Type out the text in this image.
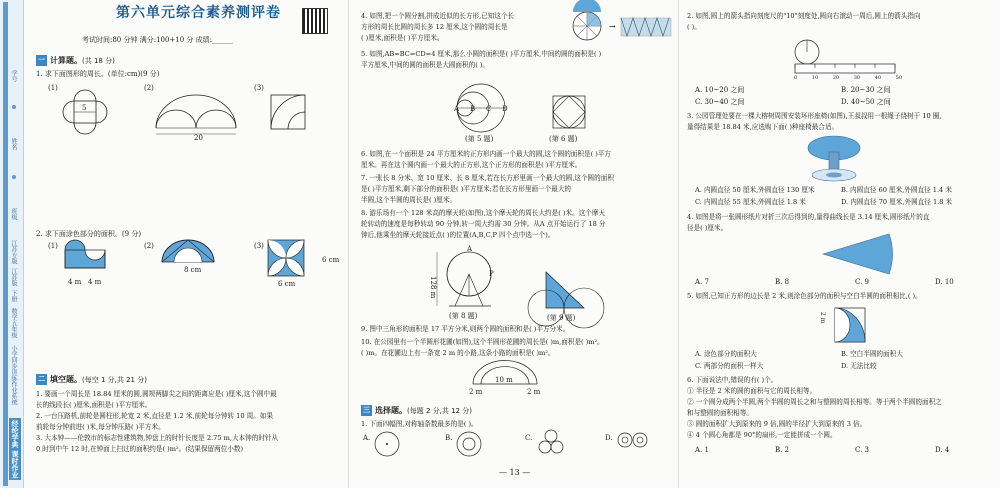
学号
姓名
班级
江苏专版
江苏版
下册
数学五年级
小学同步讲练作业系统
经纶学典 课时作业
第六单元综合素养测评卷
考试时间:80 分钟 满分:100+10 分 成绩:______
一 计算题。(共 18 分)
1. 求下面图形的周长。(单位:cm)(9 分)
(1)	(2)	(3)
5
20
2. 求下面涂色部分的面积。(9 分)
(1)	(2)	(3)
4 m 4 m
8 cm
6 cm
6 cm
二 填空题。(每空 1 分,共 21 分)
1. 要画一个周长是 18.84 厘米的圆,圆规两脚尖之间的距离应是( )厘米,这个圆中最
长的线段长( )厘米,面积是( )平方厘米。
2. 一台压路机,前轮是圆柱形,轮宽 2 米,直径是 1.2 米,前轮每分钟转 10 周。如果
前轮每分钟前进( )米,每分钟压路( )平方米。
3. 大本钟——伦敦市的标志性建筑物,钟盘上的时针长度是 2.75 m,大本钟的时针从
0 时到中午 12 时,在钟面上扫过的面积约是( )m²。(结果保留两位小数)
4. 如图,把一个圆分割,拼成近似的长方形,已知这个长
方形的周长比圆的周长多 12 厘米,这个圆的周长是
( )厘米,面积是( )平方厘米。
→
5. 如图,AB=BC=CD=4 厘米,那么小圆的面积是( )平方厘米,中间的圆的面积是( )
平方厘米,中间的圆的面积是大圆面积的( )。
A B C D
(第 5 题)	(第 6 题)
6. 如图,在一个面积是 24 平方厘米的正方形内画一个最大的圆,这个圆的面积是( )平方
厘米。再在这个圆内画一个最大的正方形,这个正方形的面积是( )平方厘米。
7. 一张长 8 分米、宽 10 厘米、长 8 厘米,若在长方形里画一个最大的圆,这个圆的面积
是( )平方厘米,剩下部分的面积是( )平方厘米;若在长方形里画一个最大的
半圆,这个半圆的周长是( )厘米。
8. 游乐场有一个 128 米高的摩天轮(如图),这个摩天轮的周长大约是( )米。这个摩天
轮转动的速度是每秒转动 90 分钟,转一周大约需 30 分钟。从A 点开始运行了 18 分
钟后,他乘坐的摩天轮接近点( )的位置(A,B,C,P 四个点中选一个)。
128 m
A
P
(第 8 题)	(第 9 题)
9. 图中三角形的面积是 17 平方分米,则两个圆的面积和是( )平方分米。
10. 在公园里有一个半圆形花圃(如图),这个半圆形花圃的周长是( )m,面积是( )m²。
( )m。在花圃边上有一条宽 2 m 的小路,这条小路的面积是( )m²。
10 m
2 m	2 m
三 选择题。(每题 2 分,共 12 分)
1. 下面四幅图,对称轴条数最多的是( )。
A.	B.	C.	D.
— 13 —
2. 如图,圆上的箭头指向刻度尺的"10"刻度处,圆向右滚动一周后,圆上的箭头指向
( )。
0	10	20	30	40	50
A. 10~20 之间	B. 20~30 之间
C. 30~40 之间	D. 40~50 之间
3. 公园管理处要在一棵大榕树周围安装环形座椅(如图),王叔叔用一根绳子绕树干 10 圈,
量得结果是 18.84 米,应选购下面( )种座椅最合适。
A. 内圆直径 50 厘米,外圆直径 130 厘米	B. 内圆直径 60 厘米,外圆直径 1.4 米
C. 内圆直径 55 厘米,外圆直径 1.8 米	D. 内圆直径 70 厘米,外圆直径 1.8 米
4. 如图是将一张圆形纸片对折三次后得到的,量得曲线长是 3.14 厘米,圆形纸片的直
径是( )厘米。
A. 7	B. 8	C. 9	D. 10
5. 如图,已知正方形的边长是 2 米,则涂色部分的面积与空白半圆的面积相比,( )。
2 m
A. 涂色部分的面积大	B. 空白半圆的面积大
C. 两部分的面积一样大	D. 无法比较
6. 下面说法中,错误的有( )个。
① 半径是 2 米的圆的面积与它的周长相等。
② 一个圆分成两个半圆,两个半圆的周长之和与整圆的周长相等。等于两个半圆的面积之
和与整圆的面积相等。
③ 圆的面积扩大到原来的 9 倍,圆的半径扩大到原来的 3 倍。
④ 4 个圆心角都是 90°的扇形,一定能拼成一个圆。
A. 1	B. 2	C. 3	D. 4
